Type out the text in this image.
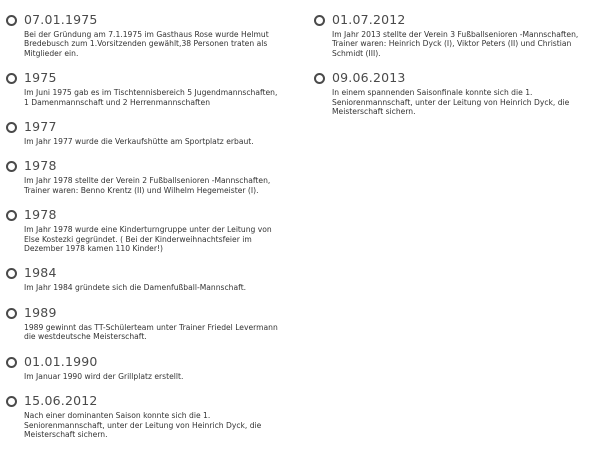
07.01.1975
Bei der Gründung am 7.1.1975 im Gasthaus Rose wurde Helmut
Bredebusch zum 1.Vorsitzenden gewählt,38 Personen traten als
Mitglieder ein.
1975
Im Juni 1975 gab es im Tischtennisbereich 5 Jugendmannschaften,
1 Damenmannschaft und 2 Herrenmannschaften
1977
Im Jahr 1977 wurde die Verkaufshütte am Sportplatz erbaut.
1978
Im Jahr 1978 stellte der Verein 2 Fußballsenioren -Mannschaften,
Trainer waren: Benno Krentz (II) und Wilhelm Hegemeister (I).
1978
Im Jahr 1978 wurde eine Kinderturngruppe unter der Leitung von
Else Kostezki gegründet. ( Bei der Kinderweihnachtsfeier im
Dezember 1978 kamen 110 Kinder!)
1984
Im Jahr 1984 gründete sich die Damenfußball-Mannschaft.
1989
1989 gewinnt das TT-Schülerteam unter Trainer Friedel Levermann
die westdeutsche Meisterschaft.
01.01.1990
Im Januar 1990 wird der Grillplatz erstellt.
15.06.2012
Nach einer dominanten Saison konnte sich die 1.
Seniorenmannschaft, unter der Leitung von Heinrich Dyck, die
Meisterschaft sichern.
01.07.2012
Im Jahr 2013 stellte der Verein 3 Fußballsenioren -Mannschaften,
Trainer waren: Heinrich Dyck (I), Viktor Peters (II) und Christian
Schmidt (III).
09.06.2013
In einem spannenden Saisonfinale konnte sich die 1.
Seniorenmannschaft, unter der Leitung von Heinrich Dyck, die
Meisterschaft sichern.
